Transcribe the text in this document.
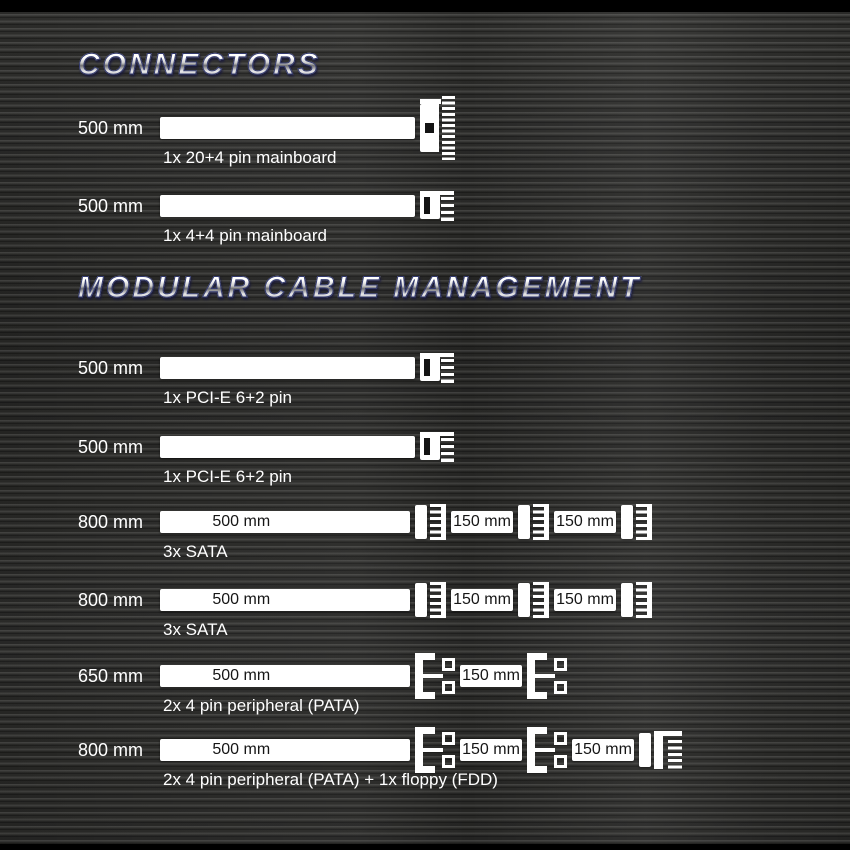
CONNECTORS
500 mm
1x 20+4 pin mainboard
500 mm
1x 4+4 pin mainboard
MODULAR CABLE MANAGEMENT
500 mm
1x PCI-E 6+2 pin
500 mm
1x PCI-E 6+2 pin
800 mm	500 mm	150 mm	150 mm
3x SATA
800 mm	500 mm	150 mm	150 mm
3x SATA
650 mm	500 mm	150 mm
2x 4 pin peripheral (PATA)
800 mm	500 mm	150 mm	150 mm
2x 4 pin peripheral (PATA) + 1x floppy (FDD)
